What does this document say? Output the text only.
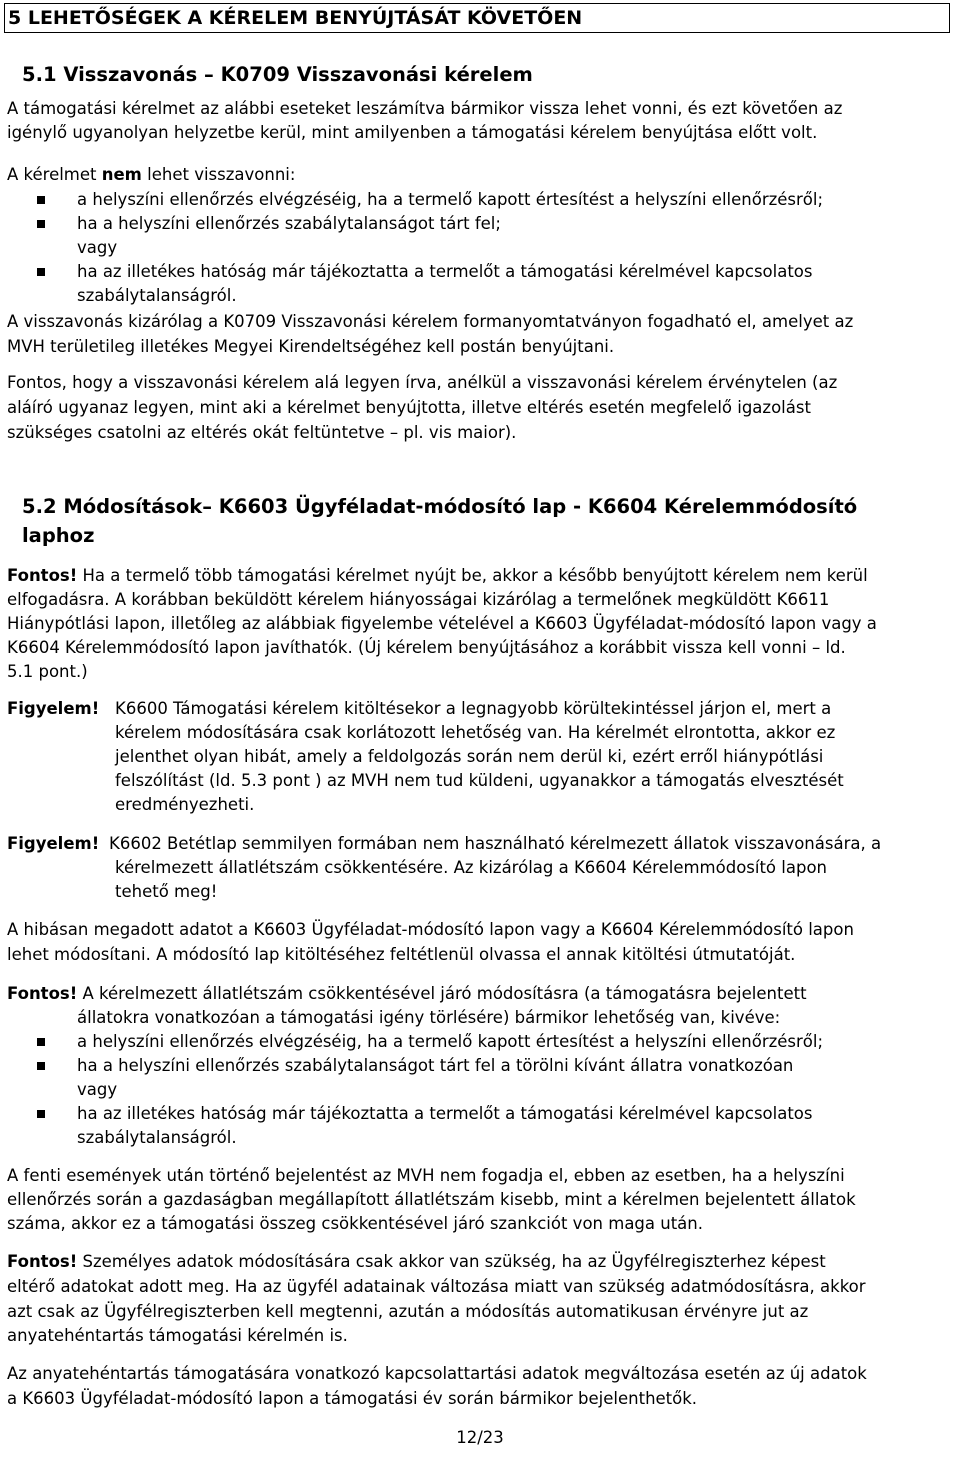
5 LEHETŐSÉGEK A KÉRELEM BENYÚJTÁSÁT KÖVETŐEN
5.1 Visszavonás – K0709 Visszavonási kérelem
A támogatási kérelmet az alábbi eseteket leszámítva bármikor vissza lehet vonni, és ezt követően az
igénylő ugyanolyan helyzetbe kerül, mint amilyenben a támogatási kérelem benyújtása előtt volt.
A kérelmet nem lehet visszavonni:
a helyszíni ellenőrzés elvégzéséig, ha a termelő kapott értesítést a helyszíni ellenőrzésről;
ha a helyszíni ellenőrzés szabálytalanságot tárt fel;
vagy
ha az illetékes hatóság már tájékoztatta a termelőt a támogatási kérelmével kapcsolatos
szabálytalanságról.
A visszavonás kizárólag a K0709 Visszavonási kérelem formanyomtatványon fogadható el, amelyet az
MVH területileg illetékes Megyei Kirendeltségéhez kell postán benyújtani.
Fontos, hogy a visszavonási kérelem alá legyen írva, anélkül a visszavonási kérelem érvénytelen (az
aláíró ugyanaz legyen, mint aki a kérelmet benyújtotta, illetve eltérés esetén megfelelő igazolást
szükséges csatolni az eltérés okát feltüntetve – pl. vis maior).
5.2 Módosítások– K6603 Ügyféladat-módosító lap - K6604 Kérelemmódosító
laphoz
Fontos! Ha a termelő több támogatási kérelmet nyújt be, akkor a később benyújtott kérelem nem kerül
elfogadásra. A korábban beküldött kérelem hiányosságai kizárólag a termelőnek megküldött K6611
Hiánypótlási lapon, illetőleg az alábbiak figyelembe vételével a K6603 Ügyféladat-módosító lapon vagy a
K6604 Kérelemmódosító lapon javíthatók. (Új kérelem benyújtásához a korábbit vissza kell vonni – ld.
5.1 pont.)
Figyelem! K6600 Támogatási kérelem kitöltésekor a legnagyobb körültekintéssel járjon el, mert a
kérelem módosítására csak korlátozott lehetőség van. Ha kérelmét elrontotta, akkor ez
jelenthet olyan hibát, amely a feldolgozás során nem derül ki, ezért erről hiánypótlási
felszólítást (ld. 5.3 pont ) az MVH nem tud küldeni, ugyanakkor a támogatás elvesztését
eredményezheti.
Figyelem! K6602 Betétlap semmilyen formában nem használható kérelmezett állatok visszavonására, a
kérelmezett állatlétszám csökkentésére. Az kizárólag a K6604 Kérelemmódosító lapon
tehető meg!
A hibásan megadott adatot a K6603 Ügyféladat-módosító lapon vagy a K6604 Kérelemmódosító lapon
lehet módosítani. A módosító lap kitöltéséhez feltétlenül olvassa el annak kitöltési útmutatóját.
Fontos! A kérelmezett állatlétszám csökkentésével járó módosításra (a támogatásra bejelentett
állatokra vonatkozóan a támogatási igény törlésére) bármikor lehetőség van, kivéve:
a helyszíni ellenőrzés elvégzéséig, ha a termelő kapott értesítést a helyszíni ellenőrzésről;
ha a helyszíni ellenőrzés szabálytalanságot tárt fel a törölni kívánt állatra vonatkozóan
vagy
ha az illetékes hatóság már tájékoztatta a termelőt a támogatási kérelmével kapcsolatos
szabálytalanságról.
A fenti események után történő bejelentést az MVH nem fogadja el, ebben az esetben, ha a helyszíni
ellenőrzés során a gazdaságban megállapított állatlétszám kisebb, mint a kérelmen bejelentett állatok
száma, akkor ez a támogatási összeg csökkentésével járó szankciót von maga után.
Fontos! Személyes adatok módosítására csak akkor van szükség, ha az Ügyfélregiszterhez képest
eltérő adatokat adott meg. Ha az ügyfél adatainak változása miatt van szükség adatmódosításra, akkor
azt csak az Ügyfélregiszterben kell megtenni, azután a módosítás automatikusan érvényre jut az
anyatehéntartás támogatási kérelmén is.
Az anyatehéntartás támogatására vonatkozó kapcsolattartási adatok megváltozása esetén az új adatok
a K6603 Ügyféladat-módosító lapon a támogatási év során bármikor bejelenthetők.
12/23
